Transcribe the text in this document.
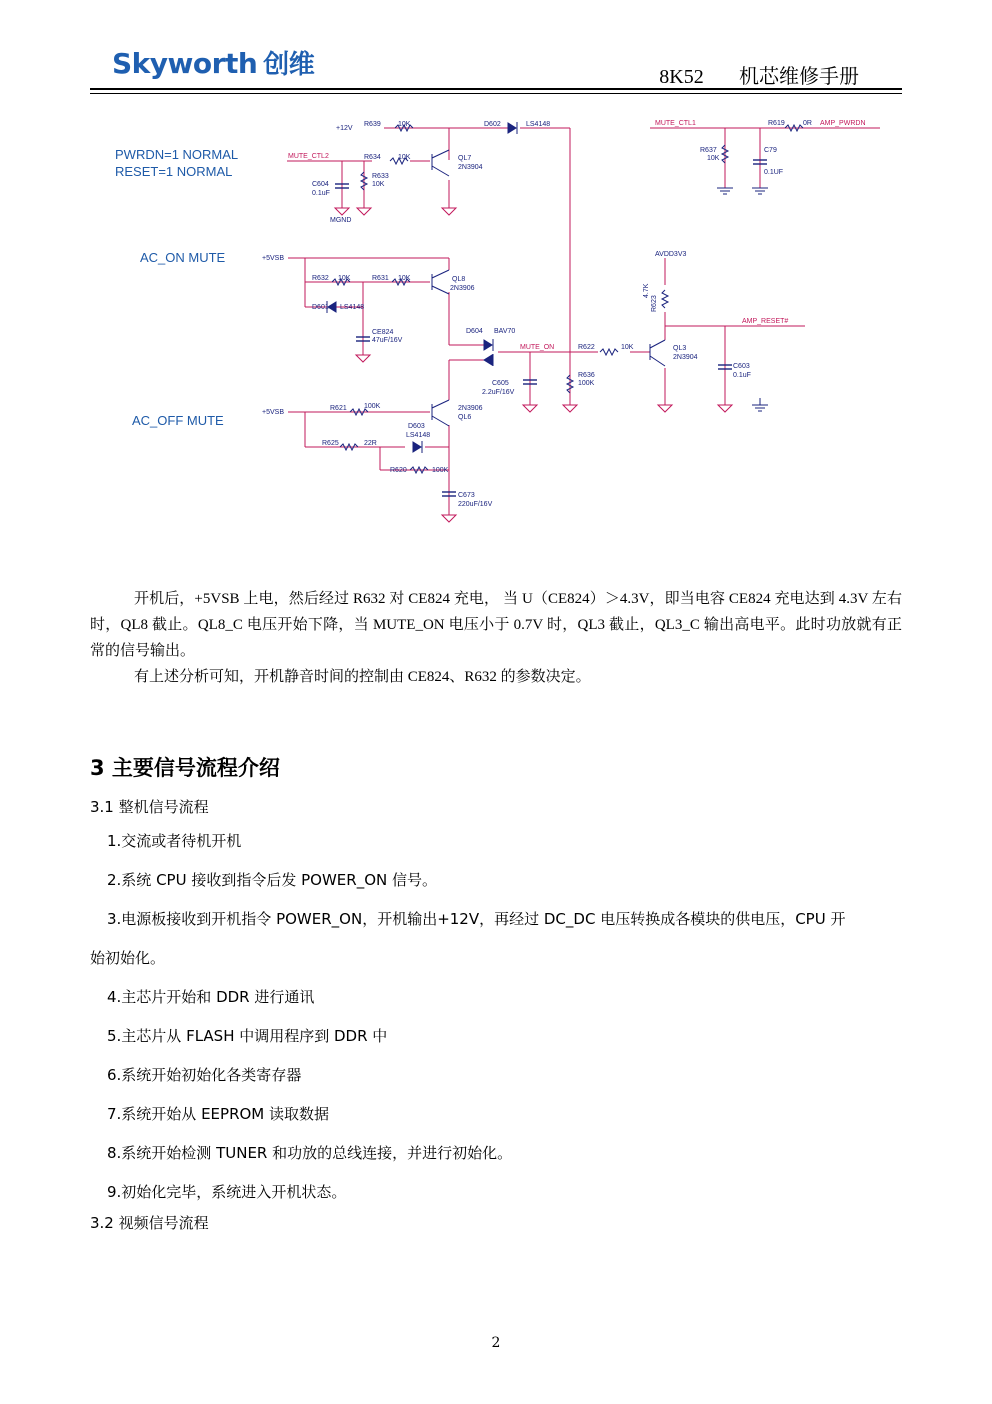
Skyworth 创维	8K52 机芯维修手册
PWRDN=1 NORMAL
RESET=1 NORMAL
AC_ON MUTE
AC_OFF MUTE
MUTE_CTL2
MUTE_CTL1	AMP_PWRDN
AMP_RESET#
MUTE_ON
+12V
+5VSB
+5VSB
AVDD3V3
MGND
R639 10K	D602	LS4148
R634 10K
R633
10K
C604
0.1uF
QL7
2N3904
R619	0R
R637
10K
C79
0.1UF
R632 10K	R631 10K	QL8
2N3906
D601 LS4148
CE824
47uF/16V
D604 BAV70
R622	10K	QL3
2N3904
C603
0.1uF
C605
2.2uF/16V
R636
100K
R621 100K	2N3906
QL6
D603
LS4148
R625	22R
R620	100K
C673
220uF/16V
4.7K
R623

开机后，+5VSB 上电，然后经过 R632 对 CE824 充电， 当 U（CE824）＞4.3V，即当电容 CE824 充电达到 4.3V 左右时，QL8 截止。QL8_C 电压开始下降，当 MUTE_ON 电压小于 0.7V 时，QL3 截止，QL3_C 输出高电平。此时功放就有正常的信号输出。

有上述分析可知，开机静音时间的控制由 CE824、R632 的参数决定。

3 主要信号流程介绍
3.1 整机信号流程
1.交流或者待机开机
2.系统 CPU 接收到指令后发 POWER_ON 信号。
3.电源板接收到开机指令 POWER_ON，开机输出+12V，再经过 DC_DC 电压转换成各模块的供电压，CPU 开
始初始化。
4.主芯片开始和 DDR 进行通讯
5.主芯片从 FLASH 中调用程序到 DDR 中
6.系统开始初始化各类寄存器
7.系统开始从 EEPROM 读取数据
8.系统开始检测 TUNER 和功放的总线连接，并进行初始化。
9.初始化完毕，系统进入开机状态。
3.2 视频信号流程
2
